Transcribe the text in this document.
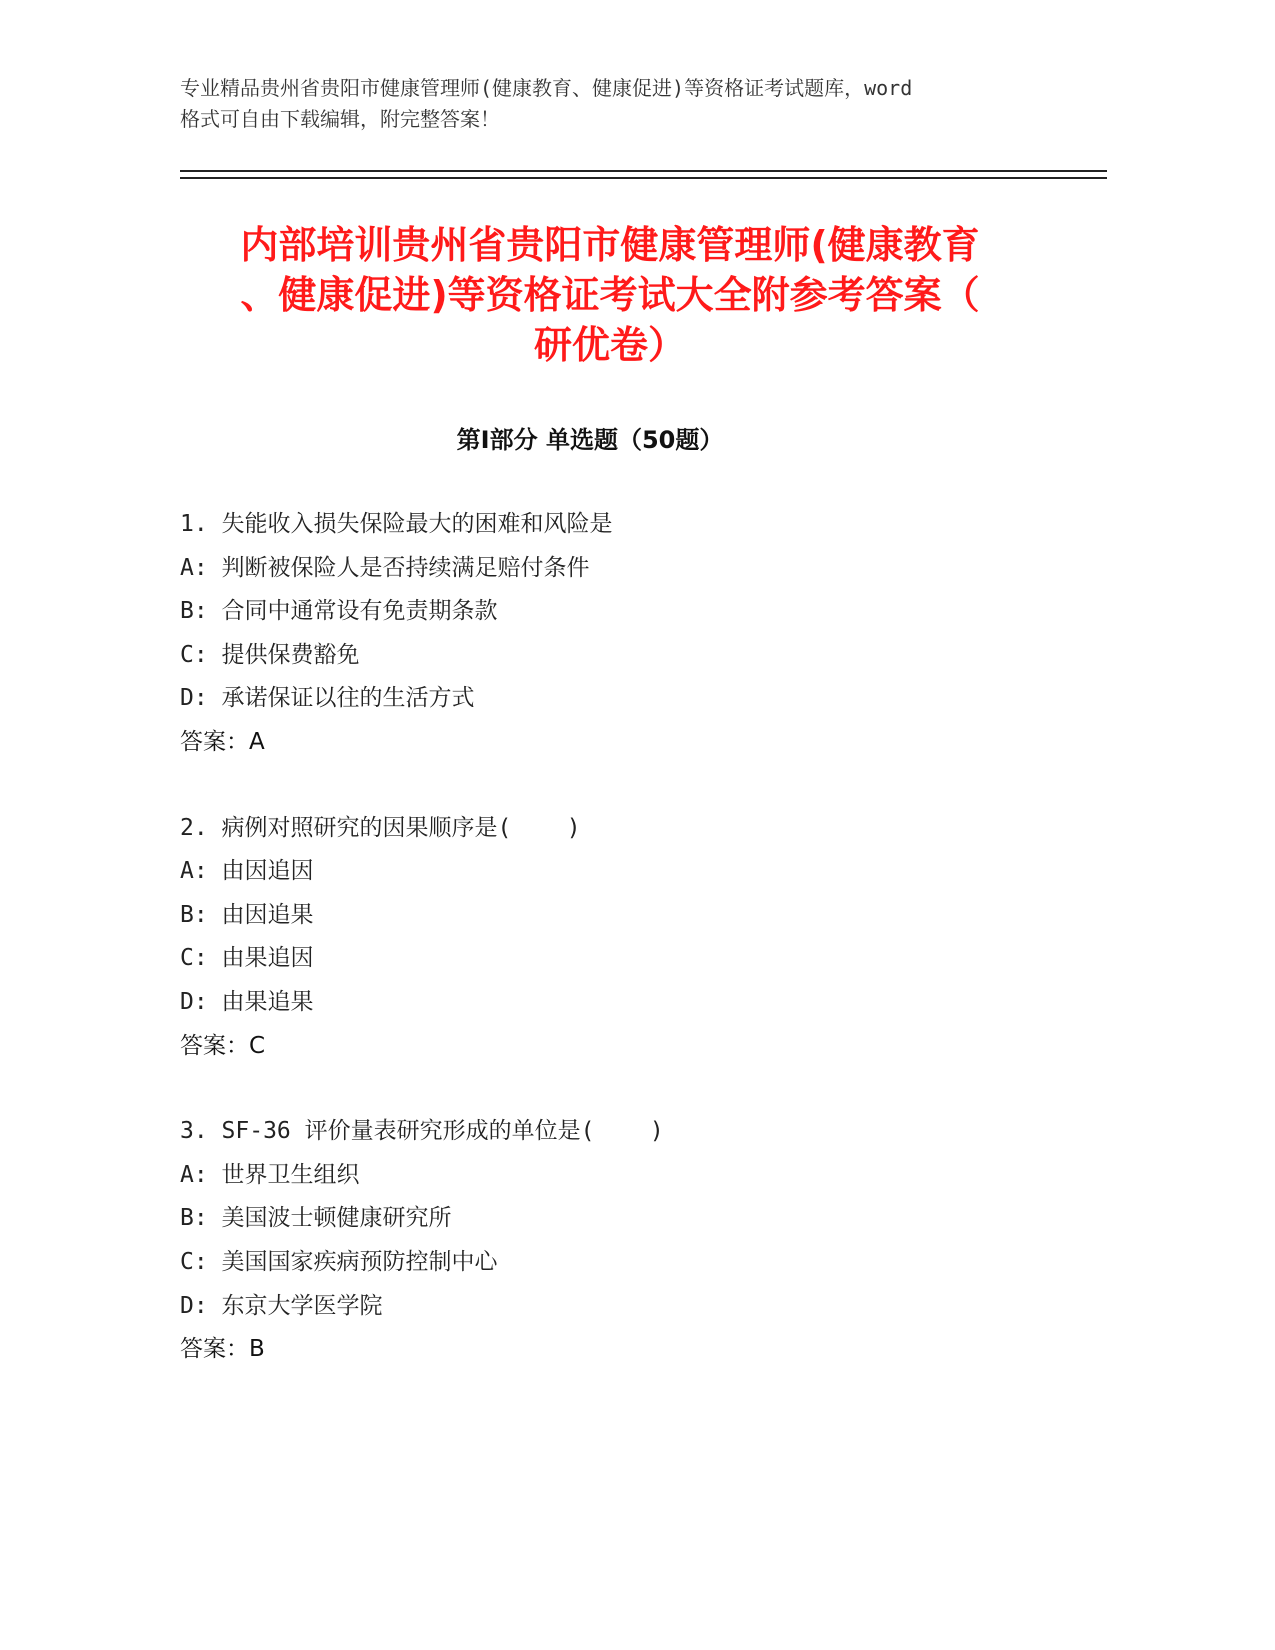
专业精品贵州省贵阳市健康管理师(健康教育、健康促进)等资格证考试题库，word
格式可自由下载编辑，附完整答案！
内部培训贵州省贵阳市健康管理师(健康教育
、健康促进)等资格证考试大全附参考答案（
研优卷）
第Ⅰ部分 单选题（50题）
1. 失能收入损失保险最大的困难和风险是
A: 判断被保险人是否持续满足赔付条件
B: 合同中通常设有免责期条款
C: 提供保费豁免
D: 承诺保证以往的生活方式
答案：A
2. 病例对照研究的因果顺序是(    )
A: 由因追因
B: 由因追果
C: 由果追因
D: 由果追果
答案：C
3. SF-36 评价量表研究形成的单位是(    )
A: 世界卫生组织
B: 美国波士顿健康研究所
C: 美国国家疾病预防控制中心
D: 东京大学医学院
答案：B
